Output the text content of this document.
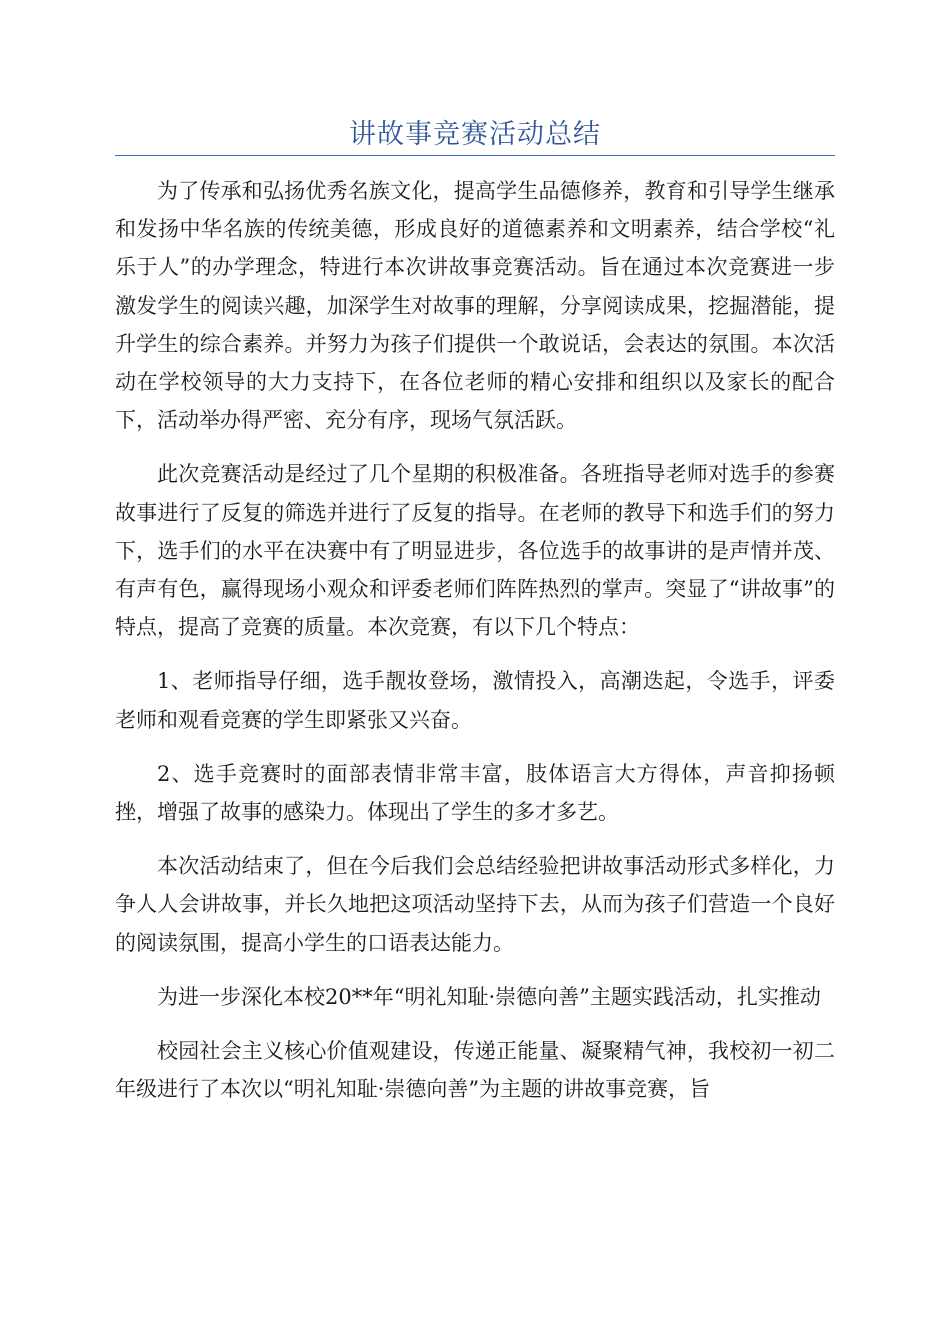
讲故事竞赛活动总结

为了传承和弘扬优秀名族文化，提高学生品德修养，教育和引导学生继承和发扬中华名族的传统美德，形成良好的道德素养和文明素养，结合学校“礼乐于人”的办学理念，特进行本次讲故事竞赛活动。旨在通过本次竞赛进一步激发学生的阅读兴趣，加深学生对故事的理解，分享阅读成果，挖掘潜能，提升学生的综合素养。并努力为孩子们提供一个敢说话，会表达的氛围。本次活动在学校领导的大力支持下，在各位老师的精心安排和组织以及家长的配合下，活动举办得严密、充分有序，现场气氛活跃。

此次竞赛活动是经过了几个星期的积极准备。各班指导老师对选手的参赛故事进行了反复的筛选并进行了反复的指导。在老师的教导下和选手们的努力下，选手们的水平在决赛中有了明显进步，各位选手的故事讲的是声情并茂、有声有色，赢得现场小观众和评委老师们阵阵热烈的掌声。突显了“讲故事”的特点，提高了竞赛的质量。本次竞赛，有以下几个特点：

1、老师指导仔细，选手靓妆登场，激情投入，高潮迭起，令选手，评委老师和观看竞赛的学生即紧张又兴奋。

2、选手竞赛时的面部表情非常丰富，肢体语言大方得体，声音抑扬顿挫，增强了故事的感染力。体现出了学生的多才多艺。

本次活动结束了，但在今后我们会总结经验把讲故事活动形式多样化，力争人人会讲故事，并长久地把这项活动坚持下去，从而为孩子们营造一个良好的阅读氛围，提高小学生的口语表达能力。

为进一步深化本校20**年“明礼知耻·崇德向善”主题实践活动，扎实推动

校园社会主义核心价值观建设，传递正能量、凝聚精气神，我校初一初二年级进行了本次以“明礼知耻·崇德向善”为主题的讲故事竞赛，旨
